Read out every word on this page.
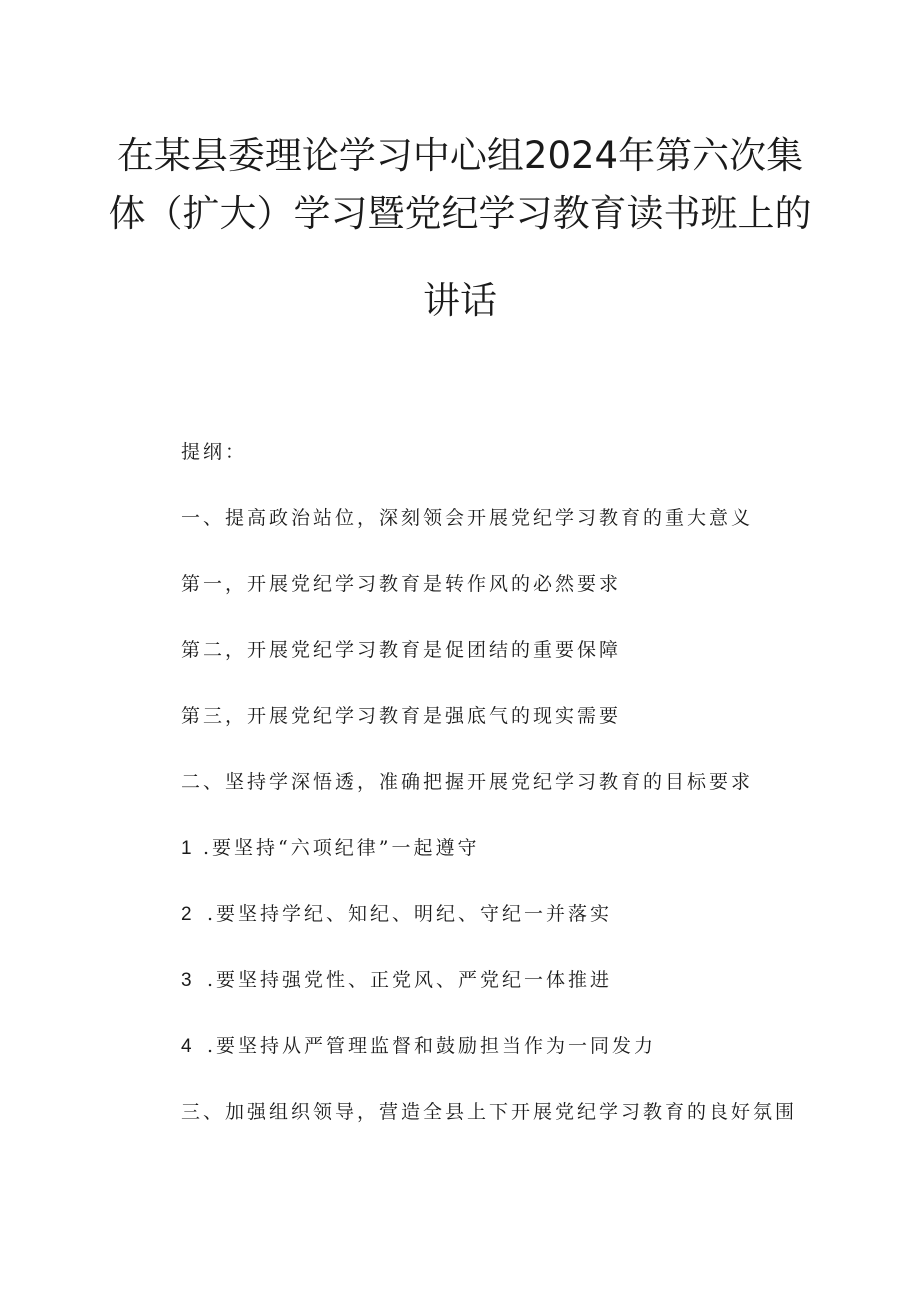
在某县委理论学习中心组2024年第六次集
体（扩大）学习暨党纪学习教育读书班上的
讲话
提纲：
一、提高政治站位，深刻领会开展党纪学习教育的重大意义
第一，开展党纪学习教育是转作风的必然要求
第二，开展党纪学习教育是促团结的重要保障
第三，开展党纪学习教育是强底气的现实需要
二、坚持学深悟透，准确把握开展党纪学习教育的目标要求
1 .要坚持“六项纪律”一起遵守
2 .要坚持学纪、知纪、明纪、守纪一并落实
3 .要坚持强党性、正党风、严党纪一体推进
4 .要坚持从严管理监督和鼓励担当作为一同发力
三、加强组织领导，营造全县上下开展党纪学习教育的良好氛围
